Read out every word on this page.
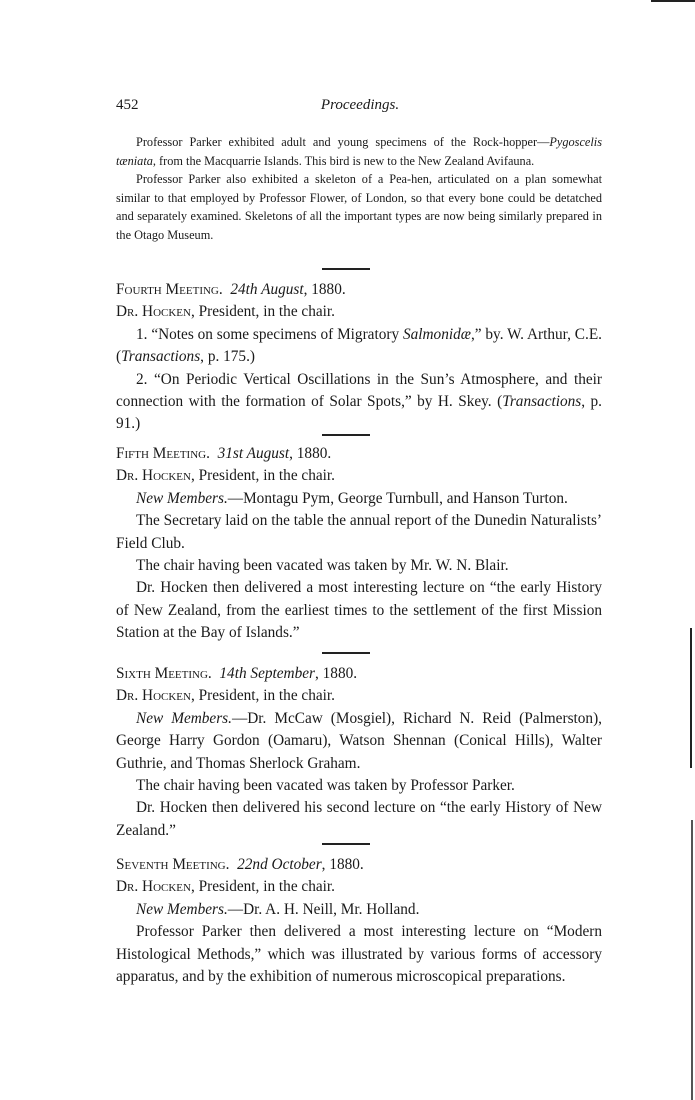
452	Proceedings.

Professor Parker exhibited adult and young specimens of the Rock-hopper—Pygoscelis tæniata, from the Macquarrie Islands. This bird is new to the New Zealand Avifauna.

Professor Parker also exhibited a skeleton of a Pea-hen, articulated on a plan somewhat similar to that employed by Professor Flower, of London, so that every bone could be detatched and separately examined. Skeletons of all the important types are now being similarly prepared in the Otago Museum.

Fourth Meeting. 24th August, 1880.

Dr. Hocken, President, in the chair.

1. “Notes on some specimens of Migratory Salmonidæ,” by. W. Arthur, C.E. (Transactions, p. 175.)

2. “On Periodic Vertical Oscillations in the Sun’s Atmosphere, and their connection with the formation of Solar Spots,” by H. Skey. (Transactions, p. 91.)

Fifth Meeting. 31st August, 1880.

Dr. Hocken, President, in the chair.

New Members.—Montagu Pym, George Turnbull, and Hanson Turton.

The Secretary laid on the table the annual report of the Dunedin Naturalists’ Field Club.

The chair having been vacated was taken by Mr. W. N. Blair.

Dr. Hocken then delivered a most interesting lecture on “the early History of New Zealand, from the earliest times to the settlement of the first Mission Station at the Bay of Islands.”

Sixth Meeting. 14th September, 1880.

Dr. Hocken, President, in the chair.

New Members.—Dr. McCaw (Mosgiel), Richard N. Reid (Palmerston), George Harry Gordon (Oamaru), Watson Shennan (Conical Hills), Walter Guthrie, and Thomas Sherlock Graham.

The chair having been vacated was taken by Professor Parker.

Dr. Hocken then delivered his second lecture on “the early History of New Zealand.”

Seventh Meeting. 22nd October, 1880.

Dr. Hocken, President, in the chair.

New Members.—Dr. A. H. Neill, Mr. Holland.

Professor Parker then delivered a most interesting lecture on “Modern Histological Methods,” which was illustrated by various forms of accessory apparatus, and by the exhibition of numerous microscopical preparations.
